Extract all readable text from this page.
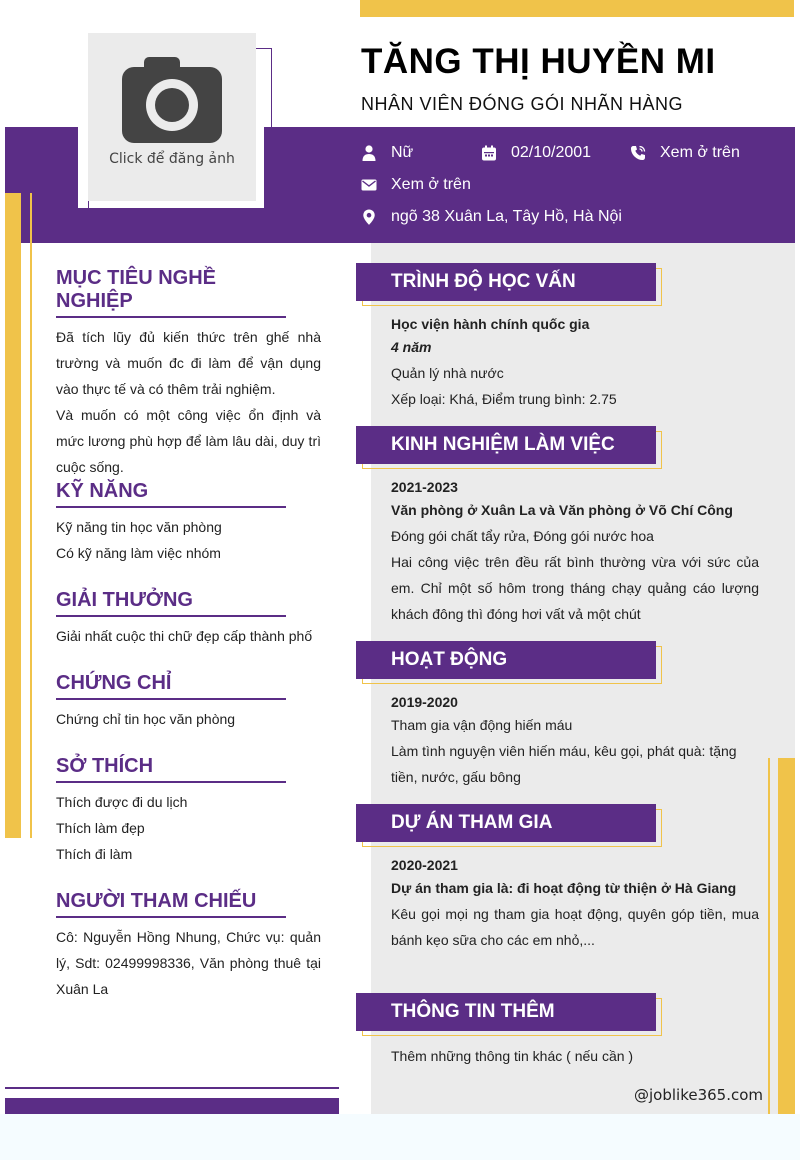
Click để đăng ảnh
TĂNG THỊ HUYỀN MI
NHÂN VIÊN ĐÓNG GÓI NHÃN HÀNG
Nữ	02/10/2001	Xem ở trên
Xem ở trên
ngõ 38 Xuân La, Tây Hồ, Hà Nội
MỤC TIÊU NGHỀ NGHIỆP

Đã tích lũy đủ kiến thức trên ghế nhà trường và muốn đc đi làm để vận dụng vào thực tế và có thêm trải nghiệm.

Và muốn có một công việc ổn định và mức lương phù hợp để làm lâu dài, duy trì cuộc sống.

KỸ NĂNG

Kỹ năng tin học văn phòng

Có kỹ năng làm việc nhóm

GIẢI THƯỞNG

Giải nhất cuộc thi chữ đẹp cấp thành phố

CHỨNG CHỈ

Chứng chỉ tin học văn phòng

SỞ THÍCH

Thích được đi du lịch

Thích làm đẹp

Thích đi làm

NGƯỜI THAM CHIẾU

Cô: Nguyễn Hồng Nhung, Chức vụ: quản lý, Sdt: 02499998336, Văn phòng thuê tại Xuân La

TRÌNH ĐỘ HỌC VẤN

Học viện hành chính quốc gia

4 năm

Quản lý nhà nước

Xếp loại: Khá, Điểm trung bình: 2.75

KINH NGHIỆM LÀM VIỆC

2021-2023

Văn phòng ở Xuân La và Văn phòng ở Võ Chí Công

Đóng gói chất tẩy rửa, Đóng gói nước hoa

Hai công việc trên đều rất bình thường vừa với sức của em. Chỉ một số hôm trong tháng chạy quảng cáo lượng khách đông thì đóng hơi vất vả một chút

HOẠT ĐỘNG

2019-2020

Tham gia vận động hiến máu

Làm tình nguyện viên hiến máu, kêu gọi, phát quà: tặng tiền, nước, gấu bông

DỰ ÁN THAM GIA

2020-2021

Dự án tham gia là: đi hoạt động từ thiện ở Hà Giang

Kêu gọi mọi ng tham gia hoạt động, quyên góp tiền, mua bánh kẹo sữa cho các em nhỏ,...

THÔNG TIN THÊM

Thêm những thông tin khác ( nếu cần )

@joblike365.com
